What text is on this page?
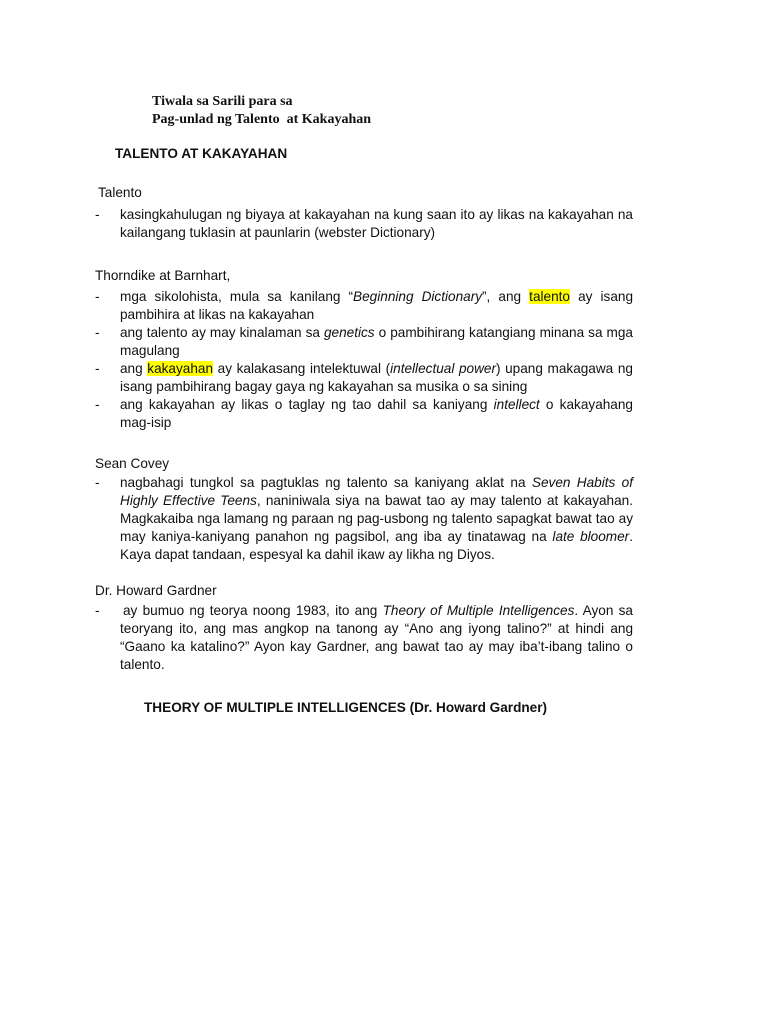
Tiwala sa Sarili para sa
Pag-unlad ng Talento  at Kakayahan
TALENTO AT KAKAYAHAN
Talento
- kasingkahulugan ng biyaya at kakayahan na kung saan ito ay likas na kakayahan na kailangang tuklasin at paunlarin (webster Dictionary)
Thorndike at Barnhart,
- mga sikolohista, mula sa kanilang “Beginning Dictionary”, ang talento ay isang pambihira at likas na kakayahan
- ang talento ay may kinalaman sa genetics o pambihirang katangiang minana sa mga magulang
- ang kakayahan ay kalakasang intelektuwal (intellectual power) upang makagawa ng isang pambihirang bagay gaya ng kakayahan sa musika o sa sining
- ang kakayahan ay likas o taglay ng tao dahil sa kaniyang intellect o kakayahang mag-isip
Sean Covey
- nagbahagi tungkol sa pagtuklas ng talento sa kaniyang aklat na Seven Habits of Highly Effective Teens, naniniwala siya na bawat tao ay may talento at kakayahan. Magkakaiba nga lamang ng paraan ng pag-usbong ng talento sapagkat bawat tao ay may kaniya-kaniyang panahon ng pagsibol, ang iba ay tinatawag na late bloomer. Kaya dapat tandaan, espesyal ka dahil ikaw ay likha ng Diyos.
Dr. Howard Gardner
- ay bumuo ng teorya noong 1983, ito ang Theory of Multiple Intelligences. Ayon sa teoryang ito, ang mas angkop na tanong ay “Ano ang iyong talino?” at hindi ang “Gaano ka katalino?” Ayon kay Gardner, ang bawat tao ay may iba’t-ibang talino o talento.
THEORY OF MULTIPLE INTELLIGENCES (Dr. Howard Gardner)
